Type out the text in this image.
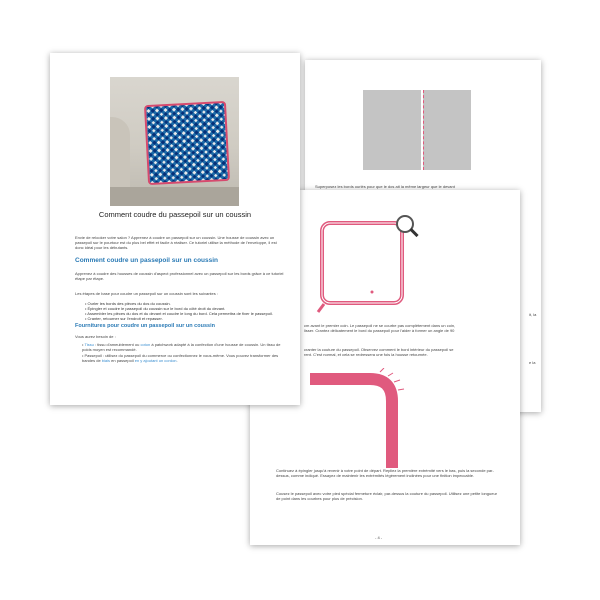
Superposez les bords ourlés pour que le dos ait la même largeur que le devant
it, la
e la
cm avant le premier coin. Le passepoil ne se courbe pas complètement dans un coin,
lisser. Crantez délicatement le bord du passepoil pour l'aider à former un angle de 90
cranter la couture du passepoil. Observez comment le bord intérieur du passepoil se
rent. C'est normal, et cela se redressera une fois la housse retournée.
Continuez à épingler jusqu'à revenir à votre point de départ. Repliez la première extrémité vers le bas, puis la seconde par-dessus, comme indiqué. Essayez de maintenir les extrémités légèrement inclinées pour une finition impeccable.
Cousez le passepoil avec votre pied spécial fermeture éclair, par-dessus la couture du passepoil. Utilisez une petite longueur de point dans les courbes pour plus de précision.
- 4 -
Comment coudre du passepoil sur un coussin
Envie de relooker votre salon ? Apprenez à coudre un passepoil sur un coussin. Une housse de coussin avec un passepoil sur le pourtour est du plus bel effet et facile à réaliser. Ce tutoriel utilise la méthode de l'enveloppe, il est donc idéal pour les débutants.
Comment coudre un passepoil sur un coussin
Apprenez à coudre des housses de coussin d'aspect professionnel avec un passepoil sur les bords grâce à ce tutoriel étape par étape.
Les étapes de base pour coudre un passepoil sur un coussin sont les suivantes :
• Ourler les bords des pièces du dos du coussin.
• Épingler et coudre le passepoil du coussin sur le bord du côté droit du devant.
• Assembler les pièces du dos et du devant et coudre le long du bord. Cela permettra de fixer le passepoil.
• Cranter, retourner sur l'endroit et repasser.
Fournitures pour coudre un passepoil sur un coussin
Vous aurez besoin de :
• Tissu : tissu d'ameublement ou coton à patchwork adapté à la confection d'une housse de coussin. Un tissu de poids moyen est recommandé.
• Passepoil : utilisez du passepoil du commerce ou confectionnez le vous-même. Vous pouvez transformer des bandes de biais en passepoil en y ajoutant un cordon.
